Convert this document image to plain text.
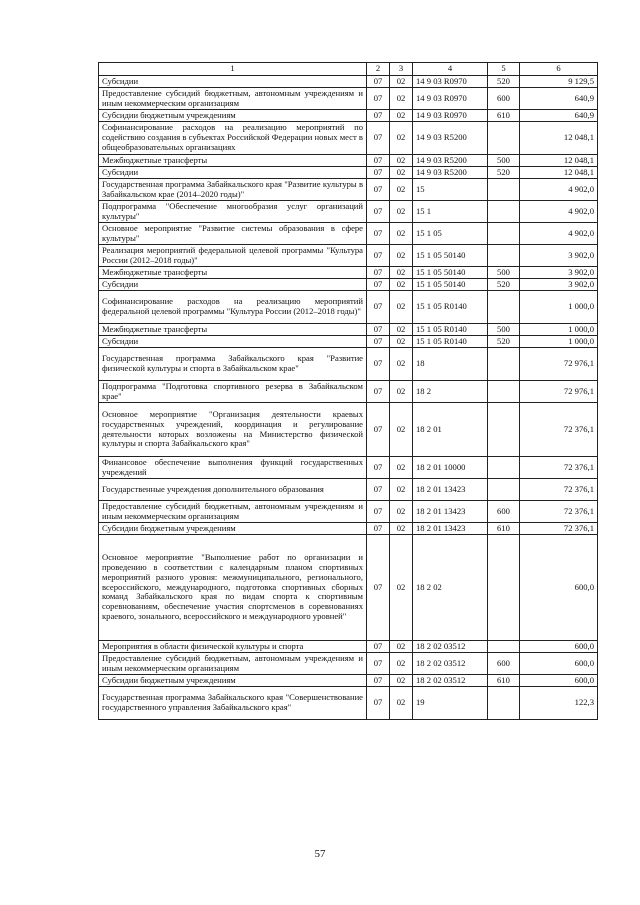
1	2	3	4	5	6
Субсидии	07	02	14 9 03 R0970	520	9 129,5
Предоставление субсидий бюджетным, автономным учреждениям и иным некоммерческим организациям	07	02	14 9 03 R0970	600	640,9
Субсидии бюджетным учреждениям	07	02	14 9 03 R0970	610	640,9
Софинансирование расходов на реализацию мероприятий по содействию создания в субъектах Российской Федерации новых мест в общеобразовательных организациях	07	02	14 9 03 R5200		12 048,1
Межбюджетные трансферты	07	02	14 9 03 R5200	500	12 048,1
Субсидии	07	02	14 9 03 R5200	520	12 048,1
Государственная программа Забайкальского края "Развитие культуры в Забайкальском крае (2014–2020 годы)"	07	02	15		4 902,0
Подпрограмма "Обеспечение многообразия услуг организаций культуры"	07	02	15 1		4 902,0
Основное мероприятие "Развитие системы образования в сфере культуры"	07	02	15 1 05		4 902,0
Реализация мероприятий федеральной целевой программы "Культура России (2012–2018 годы)"	07	02	15 1 05 50140		3 902,0
Межбюджетные трансферты	07	02	15 1 05 50140	500	3 902,0
Субсидии	07	02	15 1 05 50140	520	3 902,0
Софинансирование расходов на реализацию мероприятий федеральной целевой программы "Культура России (2012–2018 годы)"	07	02	15 1 05 R0140		1 000,0
Межбюджетные трансферты	07	02	15 1 05 R0140	500	1 000,0
Субсидии	07	02	15 1 05 R0140	520	1 000,0
Государственная программа Забайкальского края "Развитие физической культуры и спорта в Забайкальском крае"	07	02	18		72 976,1
Подпрограмма "Подготовка спортивного резерва в Забайкальском крае"	07	02	18 2		72 976,1
Основное мероприятие "Организация деятельности краевых государственных учреждений, координация и регулирование деятельности которых возложены на Министерство физической культуры и спорта Забайкальского края"	07	02	18 2 01		72 376,1
Финансовое обеспечение выполнения функций государственных учреждений	07	02	18 2 01 10000		72 376,1
Государственные учреждения дополнительного образования	07	02	18 2 01 13423		72 376,1
Предоставление субсидий бюджетным, автономным учреждениям и иным некоммерческим организациям	07	02	18 2 01 13423	600	72 376,1
Субсидии бюджетным учреждениям	07	02	18 2 01 13423	610	72 376,1
Основное мероприятие "Выполнение работ по организации и проведению в соответствии с календарным планом спортивных мероприятий разного уровня: межмуниципального, регионального, всероссийского, международного, подготовка спортивных сборных команд Забайкальского края по видам спорта к спортивным соревнованиям, обеспечение участия спортсменов в соревнованиях краевого, зонального, всероссийского и международного уровней"	07	02	18 2 02		600,0
Мероприятия в области физической культуры и спорта	07	02	18 2 02 03512		600,0
Предоставление субсидий бюджетным, автономным учреждениям и иным некоммерческим организациям	07	02	18 2 02 03512	600	600,0
Субсидии бюджетным учреждениям	07	02	18 2 02 03512	610	600,0
Государственная программа Забайкальского края "Совершенствование государственного управления Забайкальского края"	07	02	19		122,3
57
